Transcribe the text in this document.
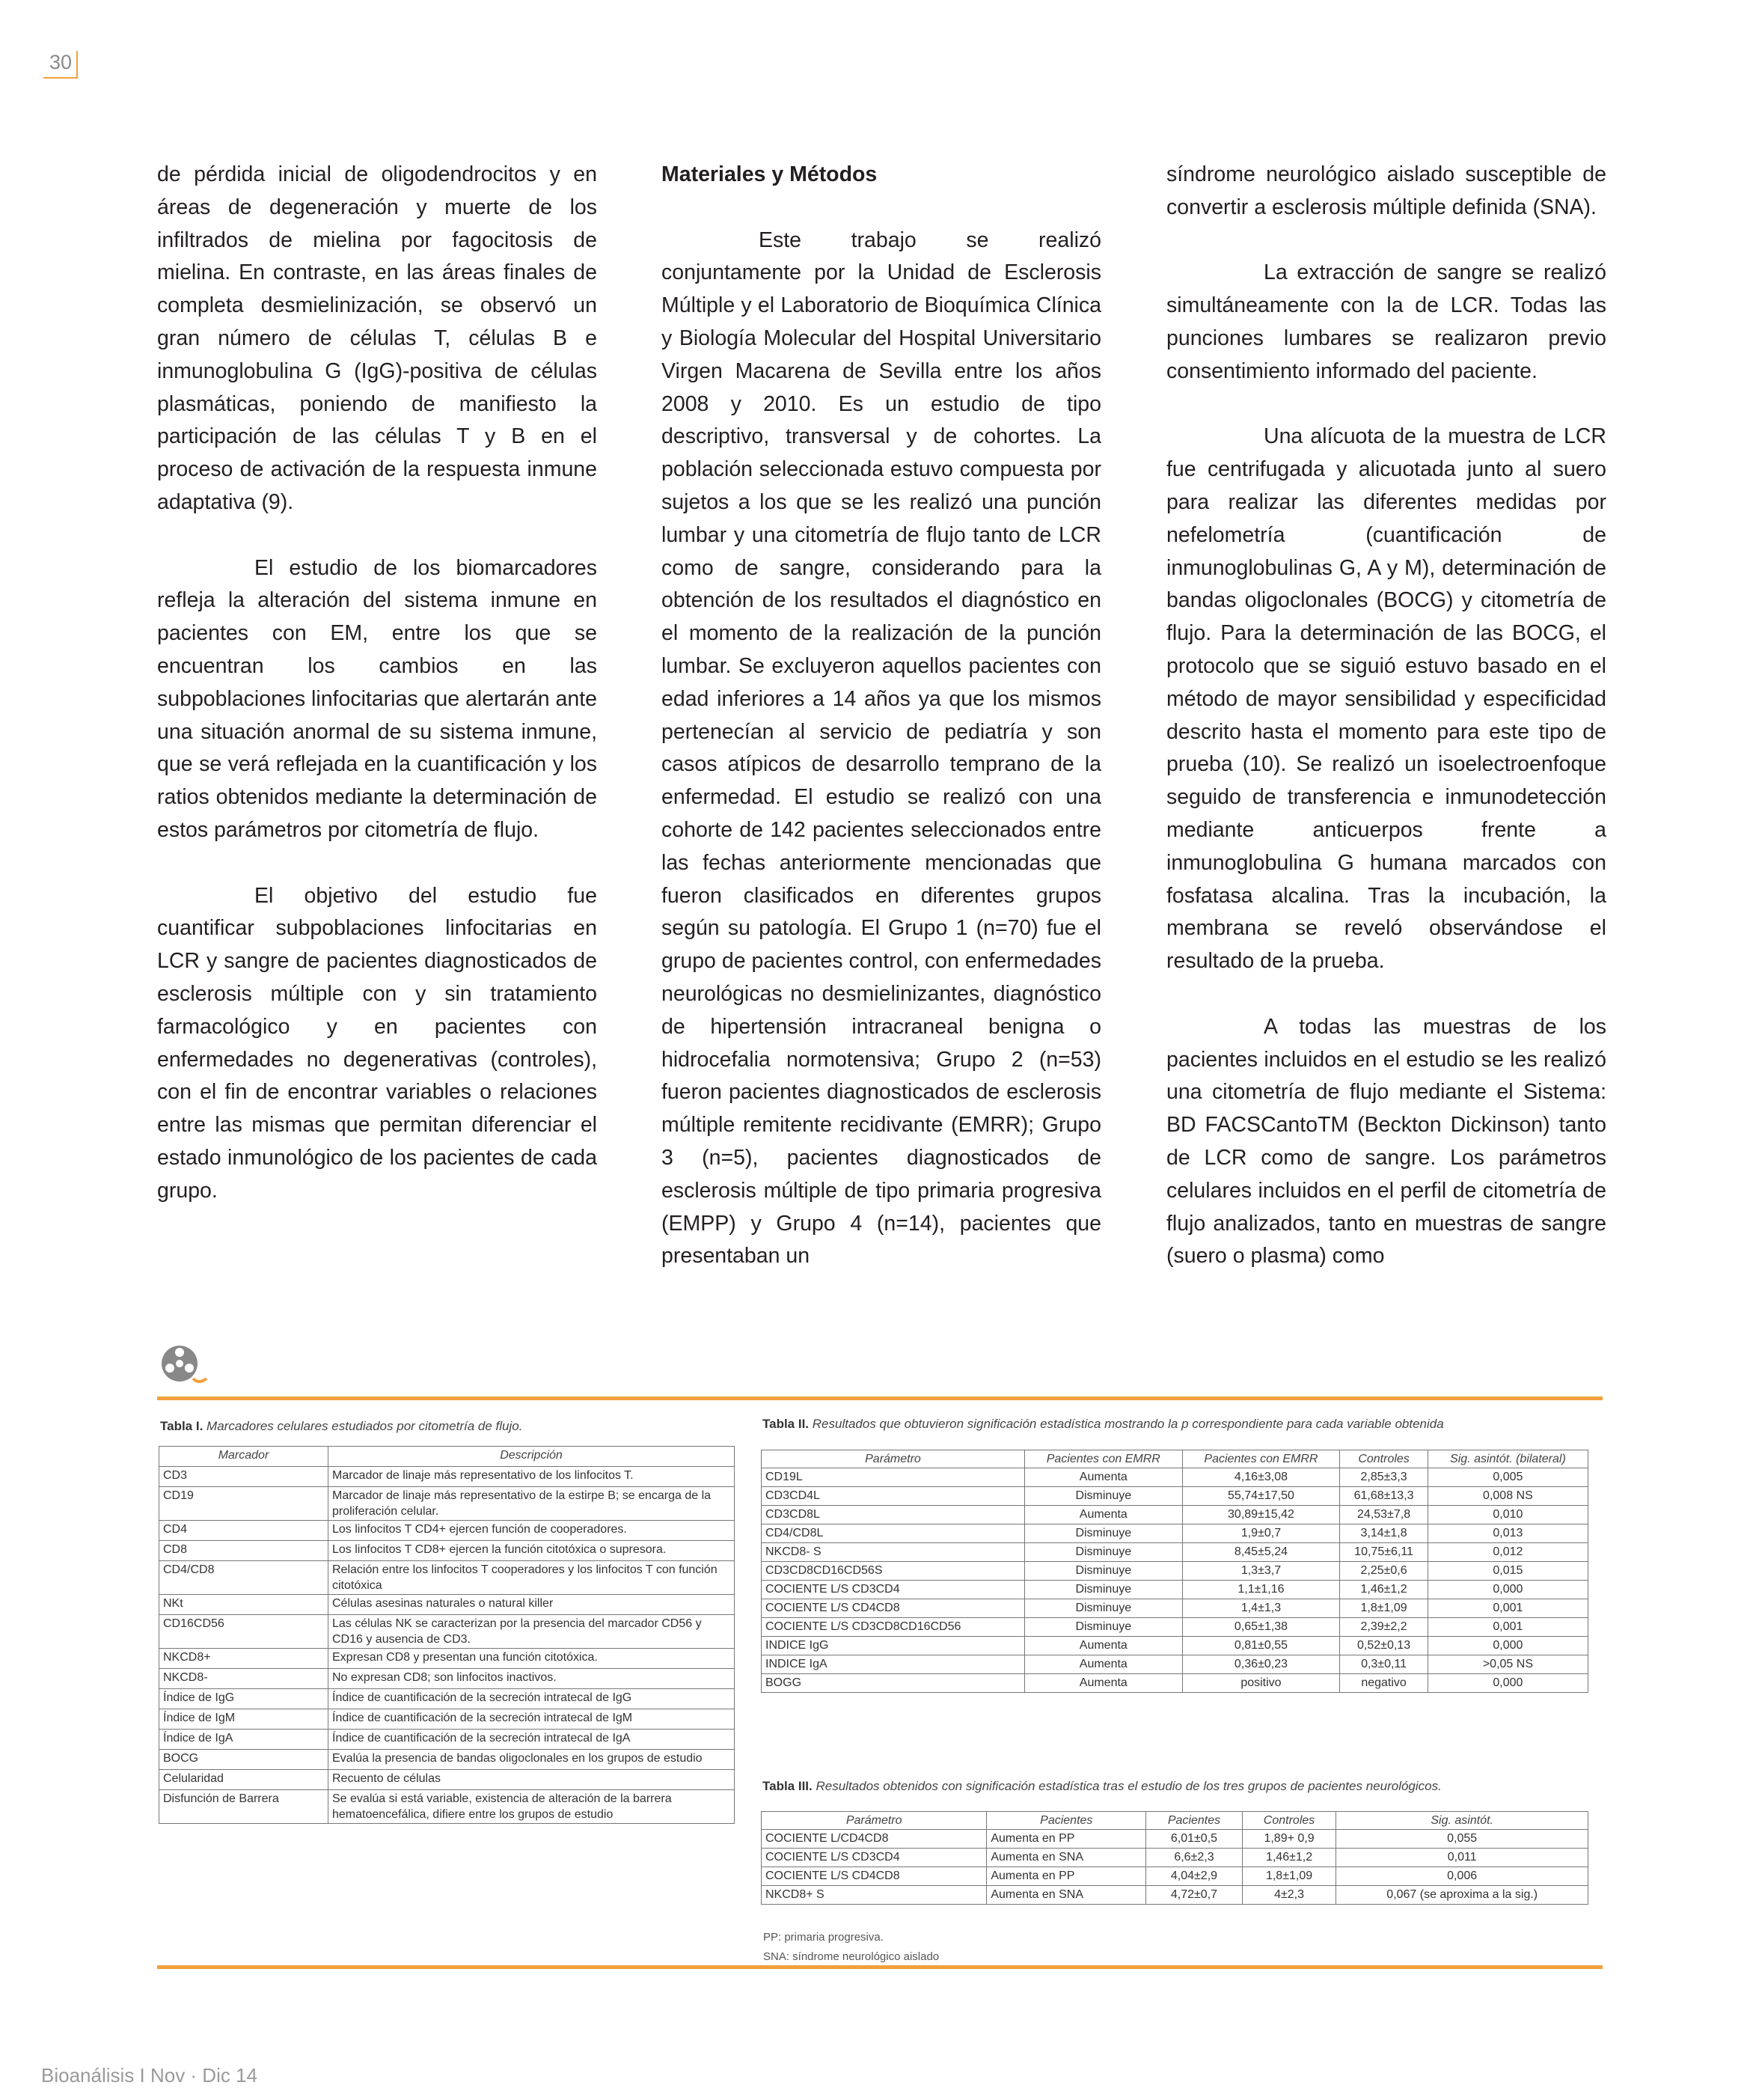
30

de pérdida inicial de oligodendrocitos y en áreas de degeneración y muerte de los infiltrados de mielina por fagocitosis de mielina. En contraste, en las áreas finales de completa desmielinización, se observó un gran número de células T, células B e inmunoglobulina G (IgG)-positiva de células plasmáticas, poniendo de manifiesto la participación de las células T y B en el proceso de activación de la respuesta inmune adaptativa (9).

El estudio de los biomarcadores refleja la alteración del sistema inmune en pacientes con EM, entre los que se encuentran los cambios en las subpoblaciones linfocitarias que alertarán ante una situación anormal de su sistema inmune, que se verá reflejada en la cuantificación y los ratios obtenidos mediante la determinación de estos parámetros por citometría de flujo.

El objetivo del estudio fue cuantificar subpoblaciones linfocitarias en LCR y sangre de pacientes diagnosticados de esclerosis múltiple con y sin tratamiento farmacológico y en pacientes con enfermedades no degenerativas (controles), con el fin de encontrar variables o relaciones entre las mismas que permitan diferenciar el estado inmunológico de los pacientes de cada grupo.

Materiales y Métodos

Este trabajo se realizó conjuntamente por la Unidad de Esclerosis Múltiple y el Laboratorio de Bioquímica Clínica y Biología Molecular del Hospital Universitario Virgen Macarena de Sevilla entre los años 2008 y 2010. Es un estudio de tipo descriptivo, transversal y de cohortes. La población seleccionada estuvo compuesta por sujetos a los que se les realizó una punción lumbar y una citometría de flujo tanto de LCR como de sangre, considerando para la obtención de los resultados el diagnóstico en el momento de la realización de la punción lumbar. Se excluyeron aquellos pacientes con edad inferiores a 14 años ya que los mismos pertenecían al servicio de pediatría y son casos atípicos de desarrollo temprano de la enfermedad. El estudio se realizó con una cohorte de 142 pacientes seleccionados entre las fechas anteriormente mencionadas que fueron clasificados en diferentes grupos según su patología. El Grupo 1 (n=70) fue el grupo de pacientes control, con enfermedades neurológicas no desmielinizantes, diagnóstico de hipertensión intracraneal benigna o hidrocefalia normotensiva; Grupo 2 (n=53) fueron pacientes diagnosticados de esclerosis múltiple remitente recidivante (EMRR); Grupo 3 (n=5), pacientes diagnosticados de esclerosis múltiple de tipo primaria progresiva (EMPP) y Grupo 4 (n=14), pacientes que presentaban un

síndrome neurológico aislado susceptible de convertir a esclerosis múltiple definida (SNA).

La extracción de sangre se realizó simultáneamente con la de LCR. Todas las punciones lumbares se realizaron previo consentimiento informado del paciente.

Una alícuota de la muestra de LCR fue centrifugada y alicuotada junto al suero para realizar las diferentes medidas por nefelometría (cuantificación de inmunoglobulinas G, A y M), determinación de bandas oligoclonales (BOCG) y citometría de flujo. Para la determinación de las BOCG, el protocolo que se siguió estuvo basado en el método de mayor sensibilidad y especificidad descrito hasta el momento para este tipo de prueba (10). Se realizó un isoelectroenfoque seguido de transferencia e inmunodetección mediante anticuerpos frente a inmunoglobulina G humana marcados con fosfatasa alcalina. Tras la incubación, la membrana se reveló observándose el resultado de la prueba.

A todas las muestras de los pacientes incluidos en el estudio se les realizó una citometría de flujo mediante el Sistema: BD FACSCantoTM (Beckton Dickinson) tanto de LCR como de sangre. Los parámetros celulares incluidos en el perfil de citometría de flujo analizados, tanto en muestras de sangre (suero o plasma) como

Tabla I. Marcadores celulares estudiados por citometría de flujo.
Marcador	Descripción
CD3	Marcador de linaje más representativo de los linfocitos T.
CD19	Marcador de linaje más representativo de la estirpe B; se encarga de la proliferación celular.
CD4	Los linfocitos T CD4+ ejercen función de cooperadores.
CD8	Los linfocitos T CD8+ ejercen la función citotóxica o supresora.
CD4/CD8	Relación entre los linfocitos T cooperadores y los linfocitos T con función citotóxica
NKt	Células asesinas naturales o natural killer
CD16CD56	Las células NK se caracterizan por la presencia del marcador CD56 y CD16 y ausencia de CD3.
NKCD8+	Expresan CD8 y presentan una función citotóxica.
NKCD8-	No expresan CD8; son linfocitos inactivos.
Índice de IgG	Índice de cuantificación de la secreción intratecal de IgG
Índice de IgM	Índice de cuantificación de la secreción intratecal de IgM
Índice de IgA	Índice de cuantificación de la secreción intratecal de IgA
BOCG	Evalúa la presencia de bandas oligoclonales en los grupos de estudio
Celularidad	Recuento de células
Disfunción de Barrera	Se evalúa si está variable, existencia de alteración de la barrera hematoencefálica, difiere entre los grupos de estudio
Tabla II. Resultados que obtuvieron significación estadística mostrando la p correspondiente para cada variable obtenida
Parámetro	Pacientes con EMRR	Pacientes con EMRR	Controles	Sig. asintót. (bilateral)
CD19L	Aumenta	4,16±3,08	2,85±3,3	0,005
CD3CD4L	Disminuye	55,74±17,50	61,68±13,3	0,008 NS
CD3CD8L	Aumenta	30,89±15,42	24,53±7,8	0,010
CD4/CD8L	Disminuye	1,9±0,7	3,14±1,8	0,013
NKCD8- S	Disminuye	8,45±5,24	10,75±6,11	0,012
CD3CD8CD16CD56S	Disminuye	1,3±3,7	2,25±0,6	0,015
COCIENTE L/S CD3CD4	Disminuye	1,1±1,16	1,46±1,2	0,000
COCIENTE L/S CD4CD8	Disminuye	1,4±1,3	1,8±1,09	0,001
COCIENTE L/S CD3CD8CD16CD56	Disminuye	0,65±1,38	2,39±2,2	0,001
INDICE IgG	Aumenta	0,81±0,55	0,52±0,13	0,000
INDICE IgA	Aumenta	0,36±0,23	0,3±0,11	>0,05 NS
BOGG	Aumenta	positivo	negativo	0,000
Tabla III. Resultados obtenidos con significación estadística tras el estudio de los tres grupos de pacientes neurológicos.
Parámetro	Pacientes	Pacientes	Controles	Sig. asintót.
COCIENTE L/CD4CD8	Aumenta en PP	6,01±0,5	1,89+ 0,9	0,055
COCIENTE L/S CD3CD4	Aumenta en SNA	6,6±2,3	1,46±1,2	0,011
COCIENTE L/S CD4CD8	Aumenta en PP	4,04±2,9	1,8±1,09	0,006
NKCD8+ S	Aumenta en SNA	4,72±0,7	4±2,3	0,067 (se aproxima a la sig.)
PP: primaria progresiva.
SNA: síndrome neurológico aislado
Bioanálisis I Nov · Dic 14
